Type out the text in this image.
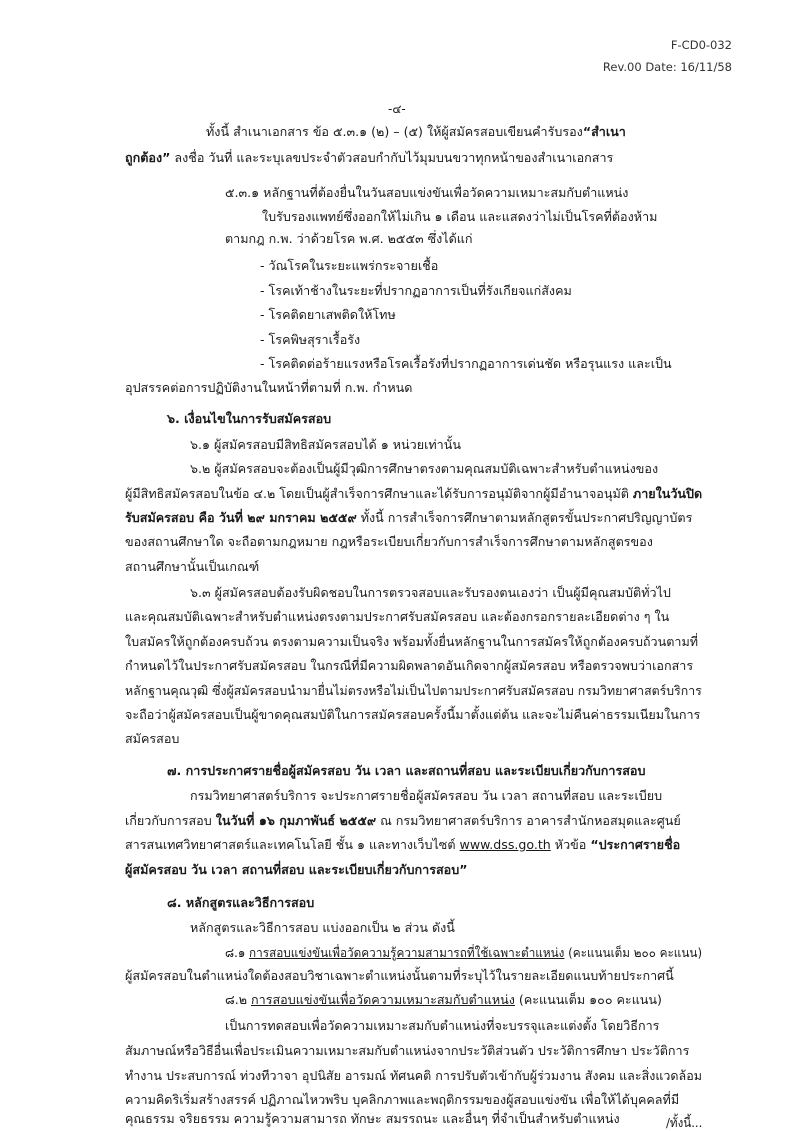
F-CD0-032
Rev.00 Date: 16/11/58
-๔-
ทั้งนี้ สำเนาเอกสาร ข้อ ๕.๓.๑ (๒) – (๕) ให้ผู้สมัครสอบเขียนคำรับรอง“สำเนา
ถูกต้อง” ลงชื่อ วันที่ และระบุเลขประจำตัวสอบกำกับไว้มุมบนขวาทุกหน้าของสำเนาเอกสาร
๕.๓.๑ หลักฐานที่ต้องยื่นในวันสอบแข่งขันเพื่อวัดความเหมาะสมกับตำแหน่ง
ใบรับรองแพทย์ซึ่งออกให้ไม่เกิน ๑ เดือน และแสดงว่าไม่เป็นโรคที่ต้องห้าม
ตามกฎ ก.พ. ว่าด้วยโรค พ.ศ. ๒๕๕๓ ซึ่งได้แก่
- วัณโรคในระยะแพร่กระจายเชื้อ
- โรคเท้าช้างในระยะที่ปรากฏอาการเป็นที่รังเกียจแก่สังคม
- โรคติดยาเสพติดให้โทษ
- โรคพิษสุราเรื้อรัง
- โรคติดต่อร้ายแรงหรือโรคเรื้อรังที่ปรากฏอาการเด่นชัด หรือรุนแรง และเป็น
อุปสรรคต่อการปฏิบัติงานในหน้าที่ตามที่ ก.พ. กำหนด
๖. เงื่อนไขในการรับสมัครสอบ
๖.๑ ผู้สมัครสอบมีสิทธิสมัครสอบได้ ๑ หน่วยเท่านั้น
๖.๒ ผู้สมัครสอบจะต้องเป็นผู้มีวุฒิการศึกษาตรงตามคุณสมบัติเฉพาะสำหรับตำแหน่งของ
ผู้มีสิทธิสมัครสอบในข้อ ๔.๒ โดยเป็นผู้สำเร็จการศึกษาและได้รับการอนุมัติจากผู้มีอำนาจอนุมัติ ภายในวันปิด
รับสมัครสอบ คือ วันที่ ๒๙ มกราคม ๒๕๕๙ ทั้งนี้ การสำเร็จการศึกษาตามหลักสูตรขั้นประกาศปริญญาบัตร
ของสถานศึกษาใด จะถือตามกฎหมาย กฎหรือระเบียบเกี่ยวกับการสำเร็จการศึกษาตามหลักสูตรของ
สถานศึกษานั้นเป็นเกณฑ์
๖.๓ ผู้สมัครสอบต้องรับผิดชอบในการตรวจสอบและรับรองตนเองว่า เป็นผู้มีคุณสมบัติทั่วไป
และคุณสมบัติเฉพาะสำหรับตำแหน่งตรงตามประกาศรับสมัครสอบ และต้องกรอกรายละเอียดต่าง ๆ ใน
ใบสมัครให้ถูกต้องครบถ้วน ตรงตามความเป็นจริง พร้อมทั้งยื่นหลักฐานในการสมัครให้ถูกต้องครบถ้วนตามที่
กำหนดไว้ในประกาศรับสมัครสอบ ในกรณีที่มีความผิดพลาดอันเกิดจากผู้สมัครสอบ หรือตรวจพบว่าเอกสาร
หลักฐานคุณวุฒิ ซึ่งผู้สมัครสอบนำมายื่นไม่ตรงหรือไม่เป็นไปตามประกาศรับสมัครสอบ กรมวิทยาศาสตร์บริการ
จะถือว่าผู้สมัครสอบเป็นผู้ขาดคุณสมบัติในการสมัครสอบครั้งนี้มาตั้งแต่ต้น และจะไม่คืนค่าธรรมเนียมในการ
สมัครสอบ
๗. การประกาศรายชื่อผู้สมัครสอบ วัน เวลา และสถานที่สอบ และระเบียบเกี่ยวกับการสอบ
กรมวิทยาศาสตร์บริการ จะประกาศรายชื่อผู้สมัครสอบ วัน เวลา สถานที่สอบ และระเบียบ
เกี่ยวกับการสอบ ในวันที่ ๑๖ กุมภาพันธ์ ๒๕๕๙ ณ กรมวิทยาศาสตร์บริการ อาคารสำนักหอสมุดและศูนย์
สารสนเทศวิทยาศาสตร์และเทคโนโลยี ชั้น ๑ และทางเว็บไซต์ www.dss.go.th หัวข้อ “ประกาศรายชื่อ
ผู้สมัครสอบ วัน เวลา สถานที่สอบ และระเบียบเกี่ยวกับการสอบ”
๘. หลักสูตรและวิธีการสอบ
หลักสูตรและวิธีการสอบ แบ่งออกเป็น ๒ ส่วน ดังนี้
๘.๑ การสอบแข่งขันเพื่อวัดความรู้ความสามารถที่ใช้เฉพาะตำแหน่ง (คะแนนเต็ม ๒๐๐ คะแนน)
ผู้สมัครสอบในตำแหน่งใดต้องสอบวิชาเฉพาะตำแหน่งนั้นตามที่ระบุไว้ในรายละเอียดแนบท้ายประกาศนี้
๘.๒ การสอบแข่งขันเพื่อวัดความเหมาะสมกับตำแหน่ง (คะแนนเต็ม ๑๐๐ คะแนน)
เป็นการทดสอบเพื่อวัดความเหมาะสมกับตำแหน่งที่จะบรรจุและแต่งตั้ง โดยวิธีการ
สัมภาษณ์หรือวิธีอื่นเพื่อประเมินความเหมาะสมกับตำแหน่งจากประวัติส่วนตัว ประวัติการศึกษา ประวัติการ
ทำงาน ประสบการณ์ ท่วงทีวาจา อุปนิสัย อารมณ์ ทัศนคติ การปรับตัวเข้ากับผู้ร่วมงาน สังคม และสิ่งแวดล้อม
ความคิดริเริ่มสร้างสรรค์ ปฏิภาณไหวพริบ บุคลิกภาพและพฤติกรรมของผู้สอบแข่งขัน เพื่อให้ได้บุคคลที่มี
คุณธรรม จริยธรรม ความรู้ความสามารถ ทักษะ สมรรถนะ และอื่นๆ ที่จำเป็นสำหรับตำแหน่ง	/ทั้งนี้...
